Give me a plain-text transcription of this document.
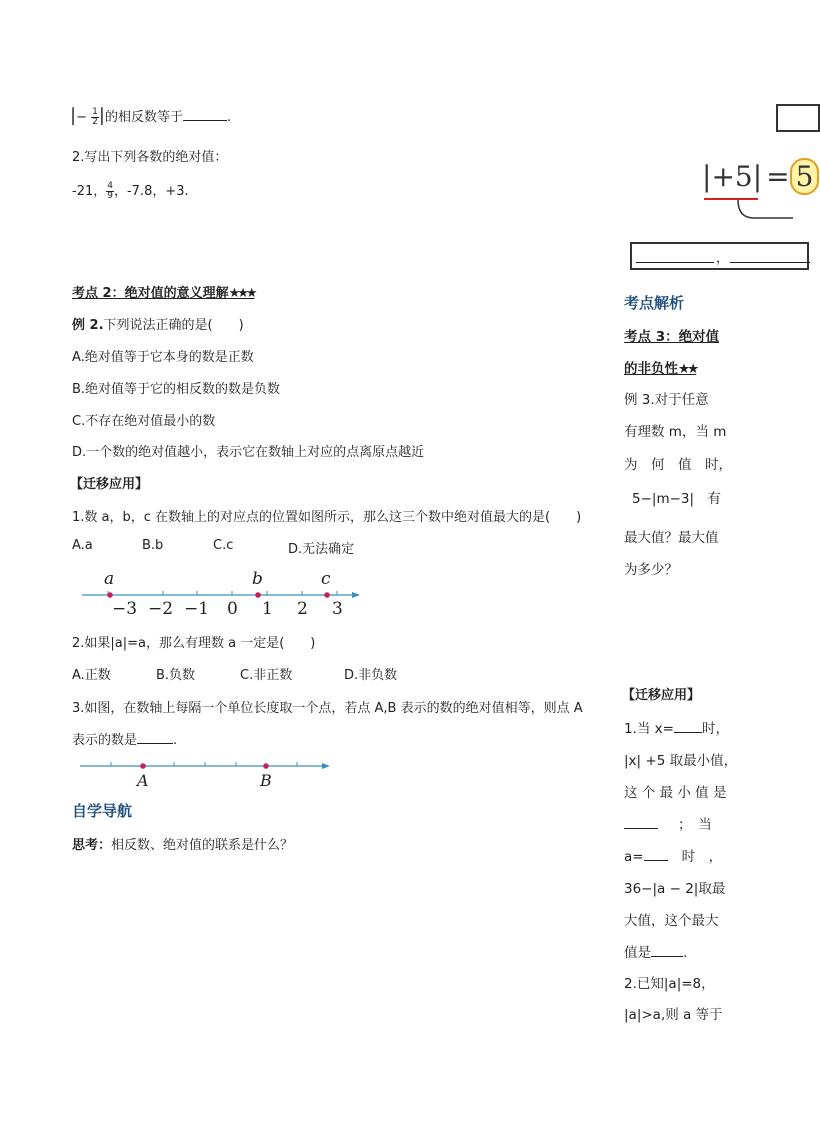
|− $\frac{1}{2}$ |的相反数等于	.
2.写出下列各数的绝对值：
-21， $\frac{4}{9}$ ，-7.8，+3.
考点 2：绝对值的意义理解★★★
例 2.下列说法正确的是(　　)
A.绝对值等于它本身的数是正数
B.绝对值等于它的相反数的数是负数
C.不存在绝对值最小的数
D.一个数的绝对值越小，表示它在数轴上对应的点离原点越近
【迁移应用】
1.数 a，b，c 在数轴上的对应点的位置如图所示，那么这三个数中绝对值最大的是(　　)
A.a	B.b	C.c	D.无法确定
a	b	c
−3 −2 −1 0 1 2 3
2.如果|a|=a，那么有理数 a 一定是(　　)
A.正数	B.负数	C.非正数	D.非负数
3.如图，在数轴上每隔一个单位长度取一个点，若点 A,B 表示的数的绝对值相等，则点 A
表示的数是	.
A	B
自学导航
思考：相反数、绝对值的联系是什么？
|+5| = 5
，
考点解析
考点 3：绝对值
的非负性★★
例 3.对于任意
有理数 m，当 m
为　何　值　时，
5−|m−3|　有
最大值？最大值
为多少？
【迁移应用】
1.当 x= 时，
|x| +5 取最小值，
这 个 最 小 值 是
；　当
a=	时　，
36−|a − 2|取最
大值，这个最大
值是 .
2.已知|a|=8，
|a|>a,则 a 等于
